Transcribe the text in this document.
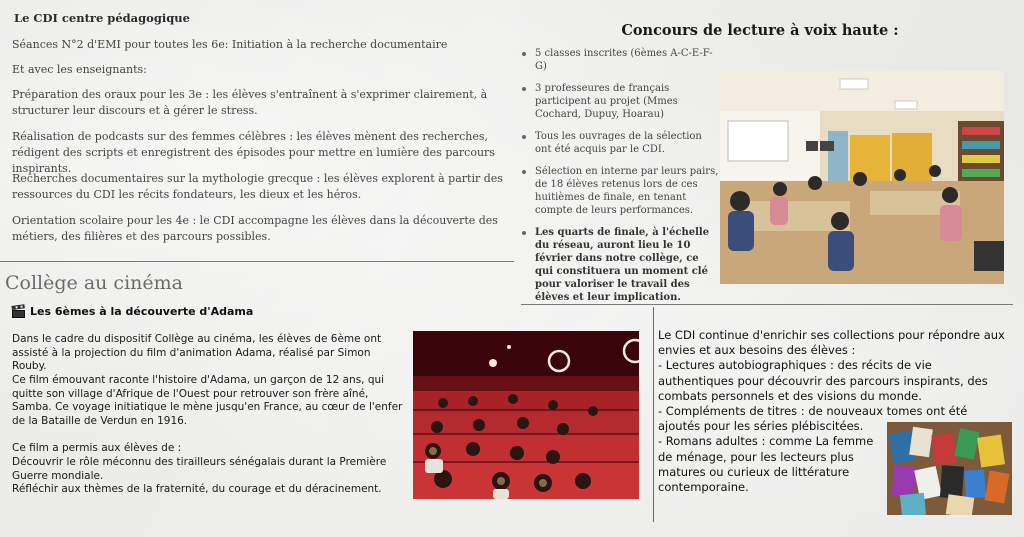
Le CDI centre pédagogique
Séances N°2 d'EMI pour toutes les 6e: Initiation à la recherche documentaire
Et avec les enseignants:
Préparation des oraux pour les 3e : les élèves s'entraînent à s'exprimer clairement, à structurer leur discours et à gérer le stress.
Réalisation de podcasts sur des femmes célèbres : les élèves mènent des recherches, rédigent des scripts et enregistrent des épisodes pour mettre en lumière des parcours inspirants.
Recherches documentaires sur la mythologie grecque : les élèves explorent à partir des ressources du CDI les récits fondateurs, les dieux et les héros.
Orientation scolaire pour les 4e : le CDI accompagne les élèves dans la découverte des métiers, des filières et des parcours possibles.
Collège au cinéma
Les 6èmes à la découverte d'Adama
Dans le cadre du dispositif Collège au cinéma, les élèves de 6ème ont assisté à la projection du film d'animation Adama, réalisé par Simon Rouby.
Ce film émouvant raconte l'histoire d'Adama, un garçon de 12 ans, qui quitte son village d'Afrique de l'Ouest pour retrouver son frère aîné, Samba. Ce voyage initiatique le mène jusqu'en France, au cœur de l'enfer de la Bataille de Verdun en 1916.
Ce film a permis aux élèves de :
Découvrir le rôle méconnu des tirailleurs sénégalais durant la Première Guerre mondiale.
Réfléchir aux thèmes de la fraternité, du courage et du déracinement.
Concours de lecture à voix haute :
5 classes inscrites (6èmes A-C-E-F-G)
3 professeures de français participent au projet (Mmes Cochard, Dupuy, Hoarau)
Tous les ouvrages de la sélection ont été acquis par le CDI.
Sélection en interne par leurs pairs, de 18 élèves retenus lors de ces huitièmes de finale, en tenant compte de leurs performances.
Les quarts de finale, à l'échelle du réseau, auront lieu le 10 février dans notre collège, ce qui constituera un moment clé pour valoriser le travail des élèves et leur implication.
Le CDI continue d'enrichir ses collections pour répondre aux envies et aux besoins des élèves :
- Lectures autobiographiques : des récits de vie authentiques pour découvrir des parcours inspirants, des combats personnels et des visions du monde.
- Compléments de titres : de nouveaux tomes ont été ajoutés pour les séries plébiscitées.
- Romans adultes : comme La femme de ménage, pour les lecteurs plus matures ou curieux de littérature contemporaine.
